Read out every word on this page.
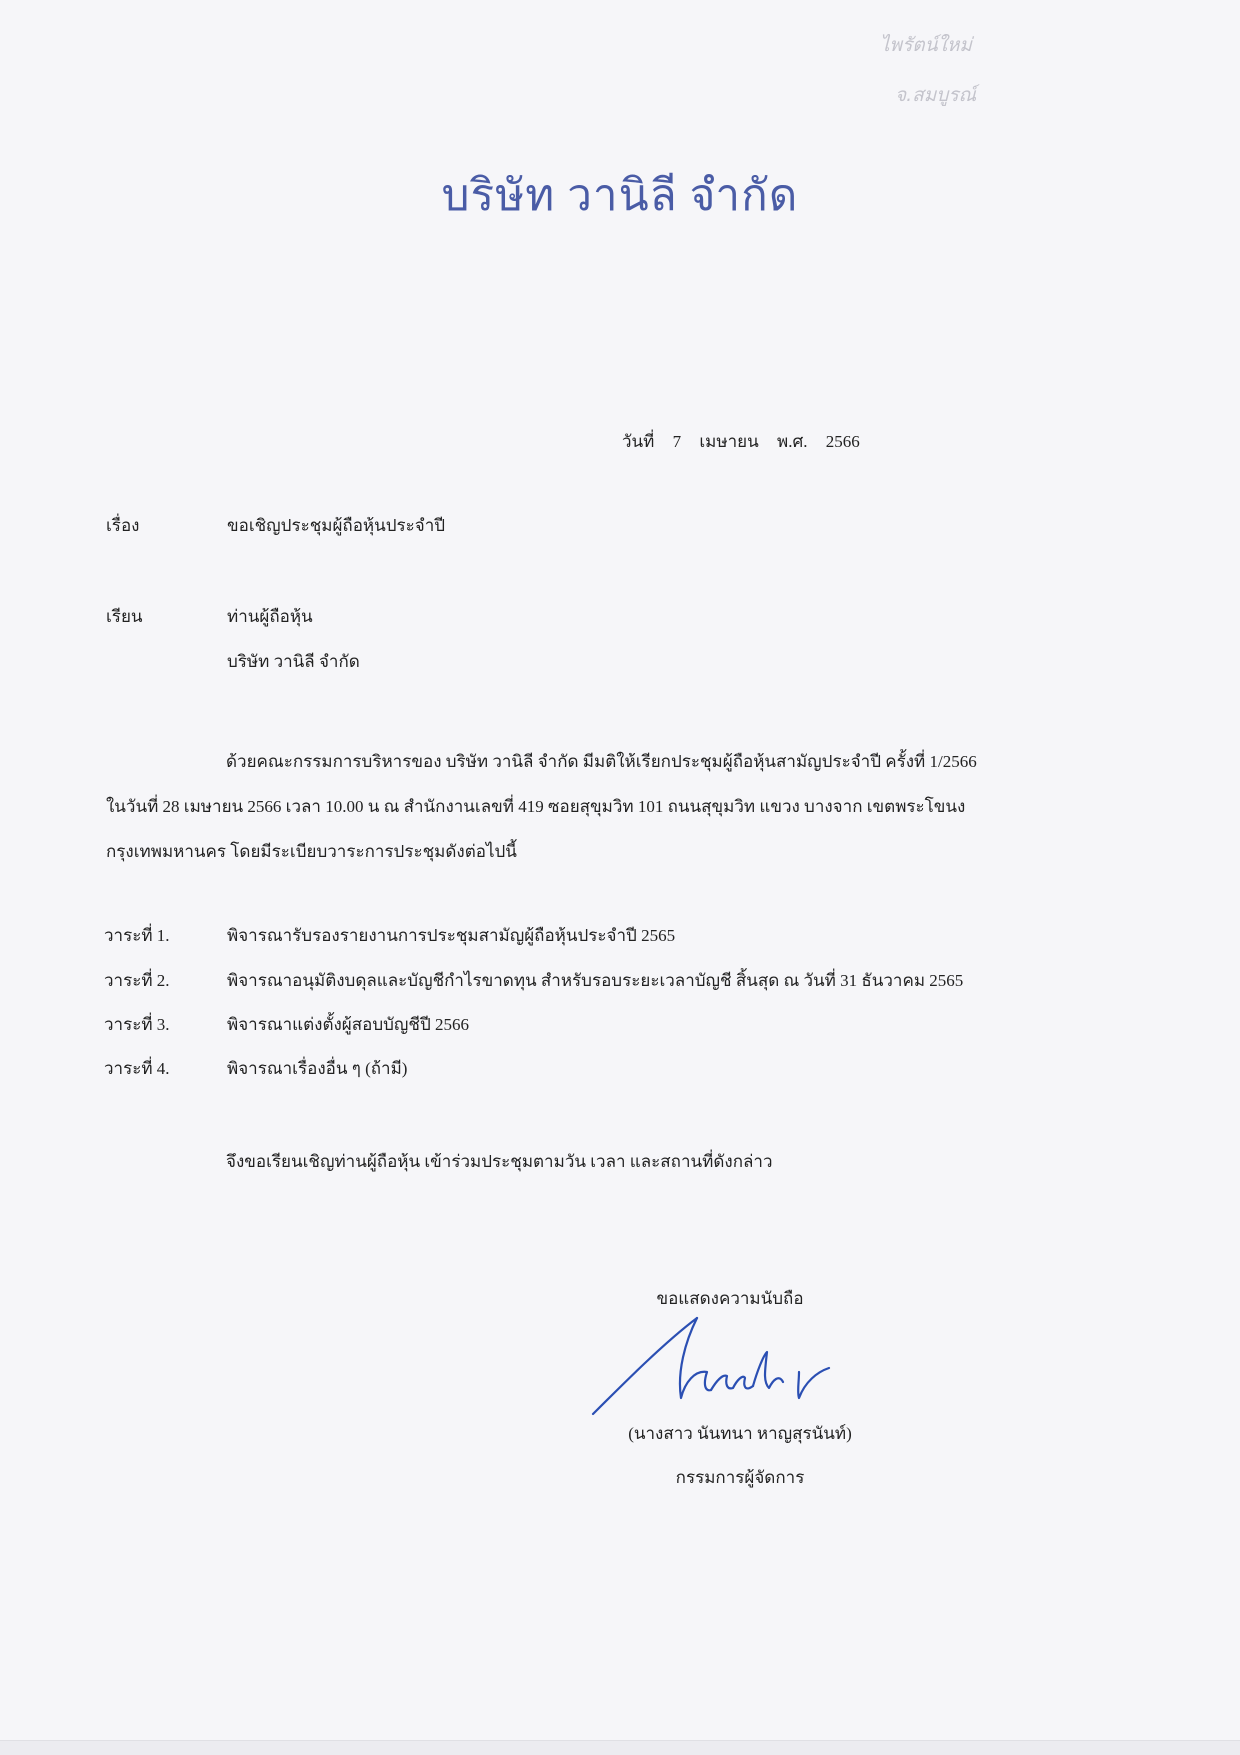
ไพรัตน์ใหม่
จ.สมบูรณ์
บริษัท วานิลี จำกัด
วันที่ 7 เมษายน พ.ศ. 2566
เรื่อง	ขอเชิญประชุมผู้ถือหุ้นประจำปี
เรียน	ท่านผู้ถือหุ้น
บริษัท วานิลี จำกัด
ด้วยคณะกรรมการบริหารของ บริษัท วานิลี จำกัด มีมติให้เรียกประชุมผู้ถือหุ้นสามัญประจำปี ครั้งที่ 1/2566
ในวันที่ 28 เมษายน 2566 เวลา 10.00 น ณ สำนักงานเลขที่ 419 ซอยสุขุมวิท 101 ถนนสุขุมวิท แขวง บางจาก เขตพระโขนง
กรุงเทพมหานคร โดยมีระเบียบวาระการประชุมดังต่อไปนี้
วาระที่ 1.	พิจารณารับรองรายงานการประชุมสามัญผู้ถือหุ้นประจำปี 2565
วาระที่ 2.	พิจารณาอนุมัติงบดุลและบัญชีกำไรขาดทุน สำหรับรอบระยะเวลาบัญชี สิ้นสุด ณ วันที่ 31 ธันวาคม 2565
วาระที่ 3.	พิจารณาแต่งตั้งผู้สอบบัญชีปี 2566
วาระที่ 4.	พิจารณาเรื่องอื่น ๆ (ถ้ามี)
จึงขอเรียนเชิญท่านผู้ถือหุ้น เข้าร่วมประชุมตามวัน เวลา และสถานที่ดังกล่าว
ขอแสดงความนับถือ
(นางสาว นันทนา หาญสุรนันท์)
กรรมการผู้จัดการ
